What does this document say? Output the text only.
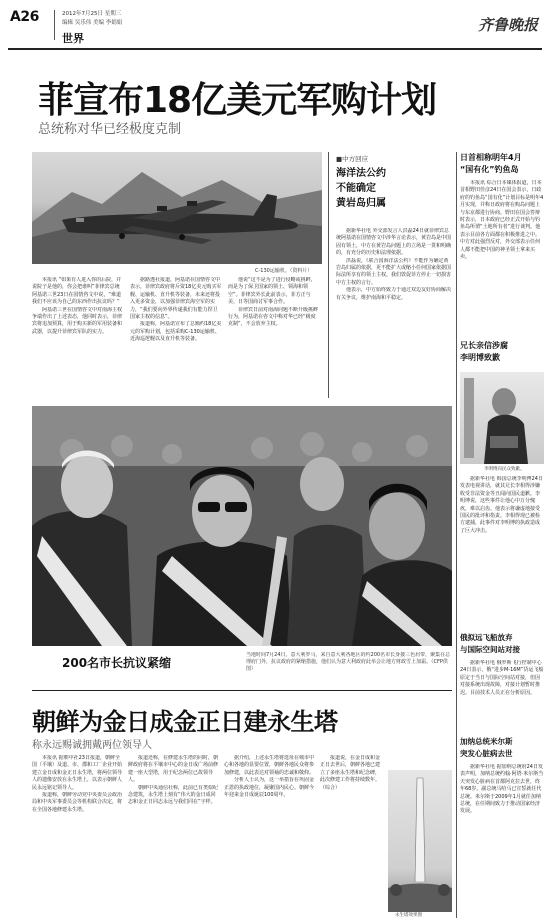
A26	2012年7月25日 星期三
编辑 吴乐伟 美编 李娟娟
世界
齐鲁晚报
菲宣布18亿美元军购计划
总统称对华已经极度克制
C-130运输机。（资料片）

本报讯 “如果有人进入你的后院，并说院子是他的，你会把谁叫”菲律宾总统阿基诺三世23日在国情咨文中说，“难道我们不应该为自己的东西作出抗议吗？”

阿基诺三世在国情咨文中对南海主权争端作出了上述表态，他同时表示，菲律宾将追加预算，用于购买新的军用装备和武器，以提升菲律宾军队的实力。

据路透社报道，阿基诺在国情咨文中表示，菲律宾政府将斥资18亿美元购买军舰、运输机、直升机等装备，未来还将投入更多资金，以加强菲律宾海空军的实力，“我们要向外界传递我们有能力捍卫国家主权的信息”。

报道称，阿基诺宣布了总额约18亿美元的军购计划，包括采购C-130运输机、近海巡逻舰以及直升机等装备。

他说“这不是为了进行侵略或挑衅，而是为了保卫国家的领土、领海和领空”。菲律宾外长此前表示，菲方正与美、日等国商讨军事合作。

菲律宾日前对南海问题不断升级挑衅行为，阿基诺在咨文中称对华已经“极度克制”，不会放弃主权。

■中方回应
海洋法公约
不能确定
黄岩岛归属

据新华社电 外交部发言人洪磊24日就菲律宾总统阿基诺在国情咨文中涉华言论表示，黄岩岛是中国固有领土，中方在黄岩岛问题上的立场是一贯和明确的，有充分的历史和法理依据。

洪磊说，《联合国海洋法公约》不能作为确定黄岩岛归属的依据，更不能扩大或缩小任何国家依据国际法所享有的领土主权。我们敦促菲方停止一切损害中方主权的言行。

他表示，中方始终致力于通过双边友好协商解决有关争议，维护南海和平稳定。

200名市长抗议紧缩
当地时间7月24日，意大利罗马，来自意大利各地区的约200名市长身披三色肩带，聚集在总理府门外，抗议政府的紧缩措施，他们认为意大利政府此举会让地方财政雪上加霜。（CFP供图）
朝鲜为金日成金正日建永生塔
称永远赐诚拥戴两位领导人

本报讯 据朝中社23日报道，朝鲜全国（平壤）及道、市、郡和工厂企业开始建立金日成和金正日永生塔，将两位领导人的遗像安放在永生塔上，以表示朝鲜人民永远铭记领导人。

报道称，朝鲜劳动党中央委员会政治局和中央军事委员会等机构联合决定，将在全国各地修建永生塔。

报道还称，在修建永生塔的同时，朝鲜政府将在平壤市中心的金日成广场前修建一座大型塔，用于纪念两位已故领导人。

朝鲜中央通信社称，此前已有类似纪念建筑，永生塔上刻有“伟大的金日成同志和金正日同志永远与我们同在”字样。

据介绍，上述永生塔将选址在城市中心和各地的显要位置，朝鲜各地民众将参加修建，以此表达对领袖的忠诚和敬仰。

分析人士认为，这一举措旨在巩固金正恩的执政地位，凝聚国内民心。朝鲜今年迎来金日成诞辰100周年。

报道说，在金日成和金正日去世后，朝鲜各地已建立了多座永生塔和纪念碑，此次修建工作将持续数年。（综合）

永生塔效果图
日首相称明年4月
“国有化”钓鱼岛

本报讯 综合日本媒体报道，日本首相野田佳彦24日在国会表示，日政府的钓鱼岛“国有化”计划目标是明年4月实现，并称日政府将在购岛问题上与东京都进行协商。野田在国会答辩时表示，日本政府已经正式开始与钓鱼岛所谓“土地所有者”进行谈判。他表示目前各方面都在积极推进之中。中方对此强烈反对，外交部表示任何人都不能把中国的神圣领土拿来买卖。

兄长亲信涉腐
李明博致歉
李明博向民众致歉。

据新华社电 韩国总统李明博24日发表电视讲话，就其兄长李相得涉嫌收受非法资金等丑闻向国民道歉。李明博说，这些事件让他心中万分愧疚，难以启齿。他表示将谦虚地接受国民的批评和指责。李相得现已被检方逮捕，此事件对李明博的执政造成了巨大冲击。

俄拟远飞船放弃
与国际空间站对接

据新华社电 俄罗斯飞行控制中心24日表示，俄“进步M-16M”货运飞船原定于当日与国际空间站对接，但因对接系统出现故障，对接计划暂时推迟。目前技术人员正在分析原因。

加纳总统米尔斯
突发心脏病去世

据新华社电 据加纳总统府24日发表声明，加纳总统约翰·阿塔·米尔斯当天突发心脏病在首都阿克拉去世，终年68岁。副总统马哈马已宣誓就任代总统。米尔斯于2009年1月就任加纳总统，在任期间致力于推动国家经济发展。
